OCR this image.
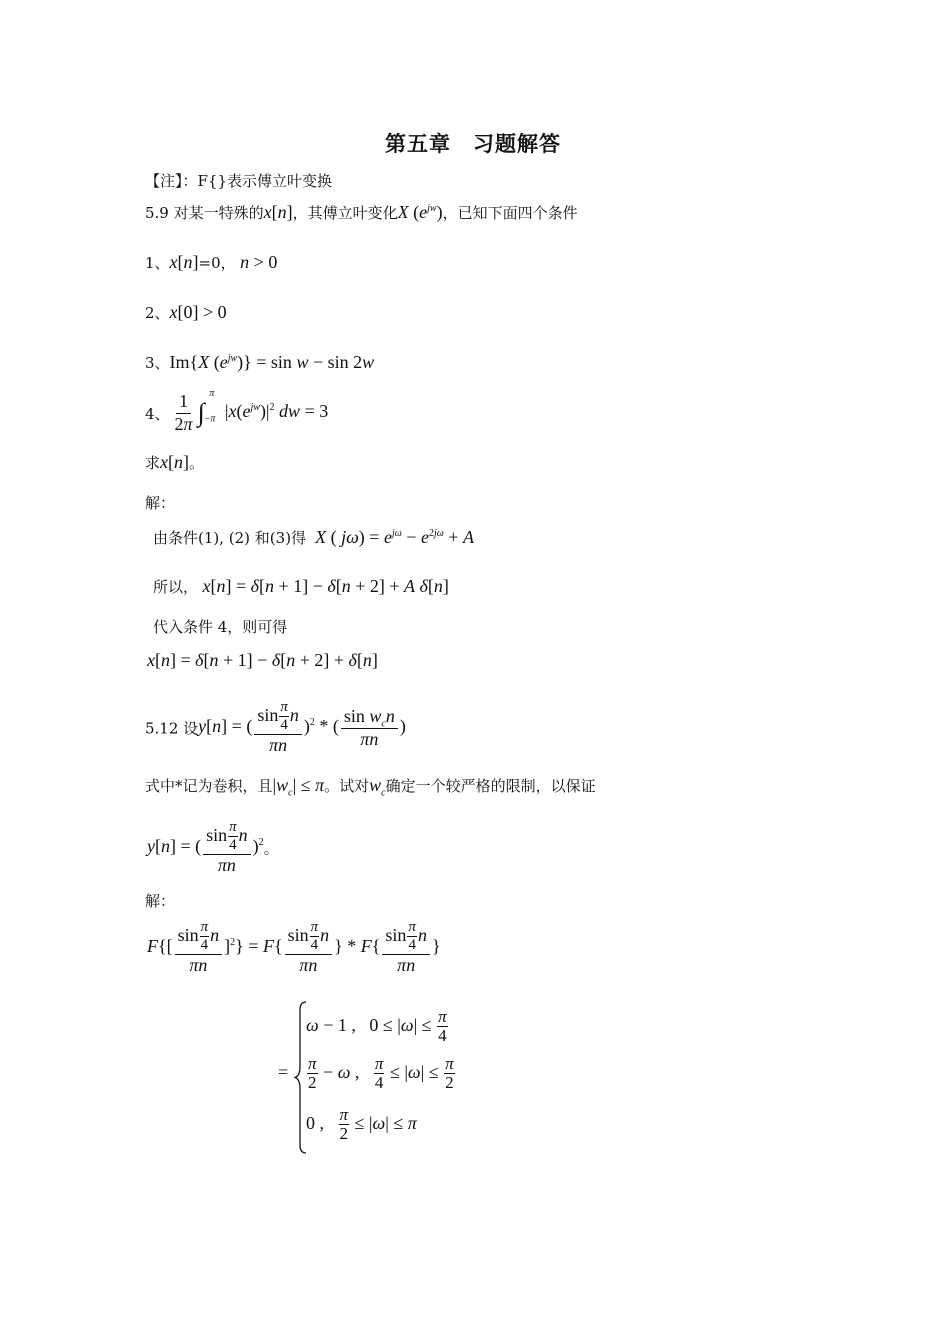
第五章　习题解答
【注】：F{}表示傅立叶变换
5.9 对某一特殊的x[n]，其傅立叶变化X $(e^{jw})$，已知下面四个条件
1、x[n]=0， n > 0
2、x[0] > 0
3、Im{X $(e^{jw})\} = \sin w - \sin 2w$
4、 $\frac{1}{2\pi} \int_{-\pi}^\pi$ $|x(e^{jw})|^2$ dw = 3
求x[n]。
解：
由条件(1), (2) 和(3)得 X ( $j\omega) = e^{j\omega} - e^{2j\omega} + A$
所以， x[n] = δ[n + 1] − δ[n + 2] + A δ[n]
代入条件 4，则可得
x[n] = δ[n + 1] − δ[n + 2] + δ[n]
5.12 设y[n] = ( $\frac{\sin \frac{\pi}{4} n}{\pi n} )^2$ * ( $\frac{\sin w_cn}{\pi n}$ )
式中*记为卷积，且$|w_c| \le \pi$。试对$w_c$确定一个较严格的限制，以保证
y[n] = ( $\frac{\sin \frac{\pi}{4} n}{\pi n} )^2$。
解：
$F\{[ \frac{\sin \frac{\pi}{4} n}{\pi n} ]^2\} = F\{ \frac{\sin \frac{\pi}{4} n}{\pi n}$ } * $F\{ \frac{\sin \frac{\pi}{4} n}{\pi n}$ }
=
ω − 1 ,   $0 \le |\omega| \le \frac{\pi}{4}$
$\frac{\pi}{2} - \omega$ , $\frac{\pi}{4} \le |\omega| \le \frac{\pi}{2}$
0 , $\frac{\pi}{2} \le |\omega| \le \pi$
